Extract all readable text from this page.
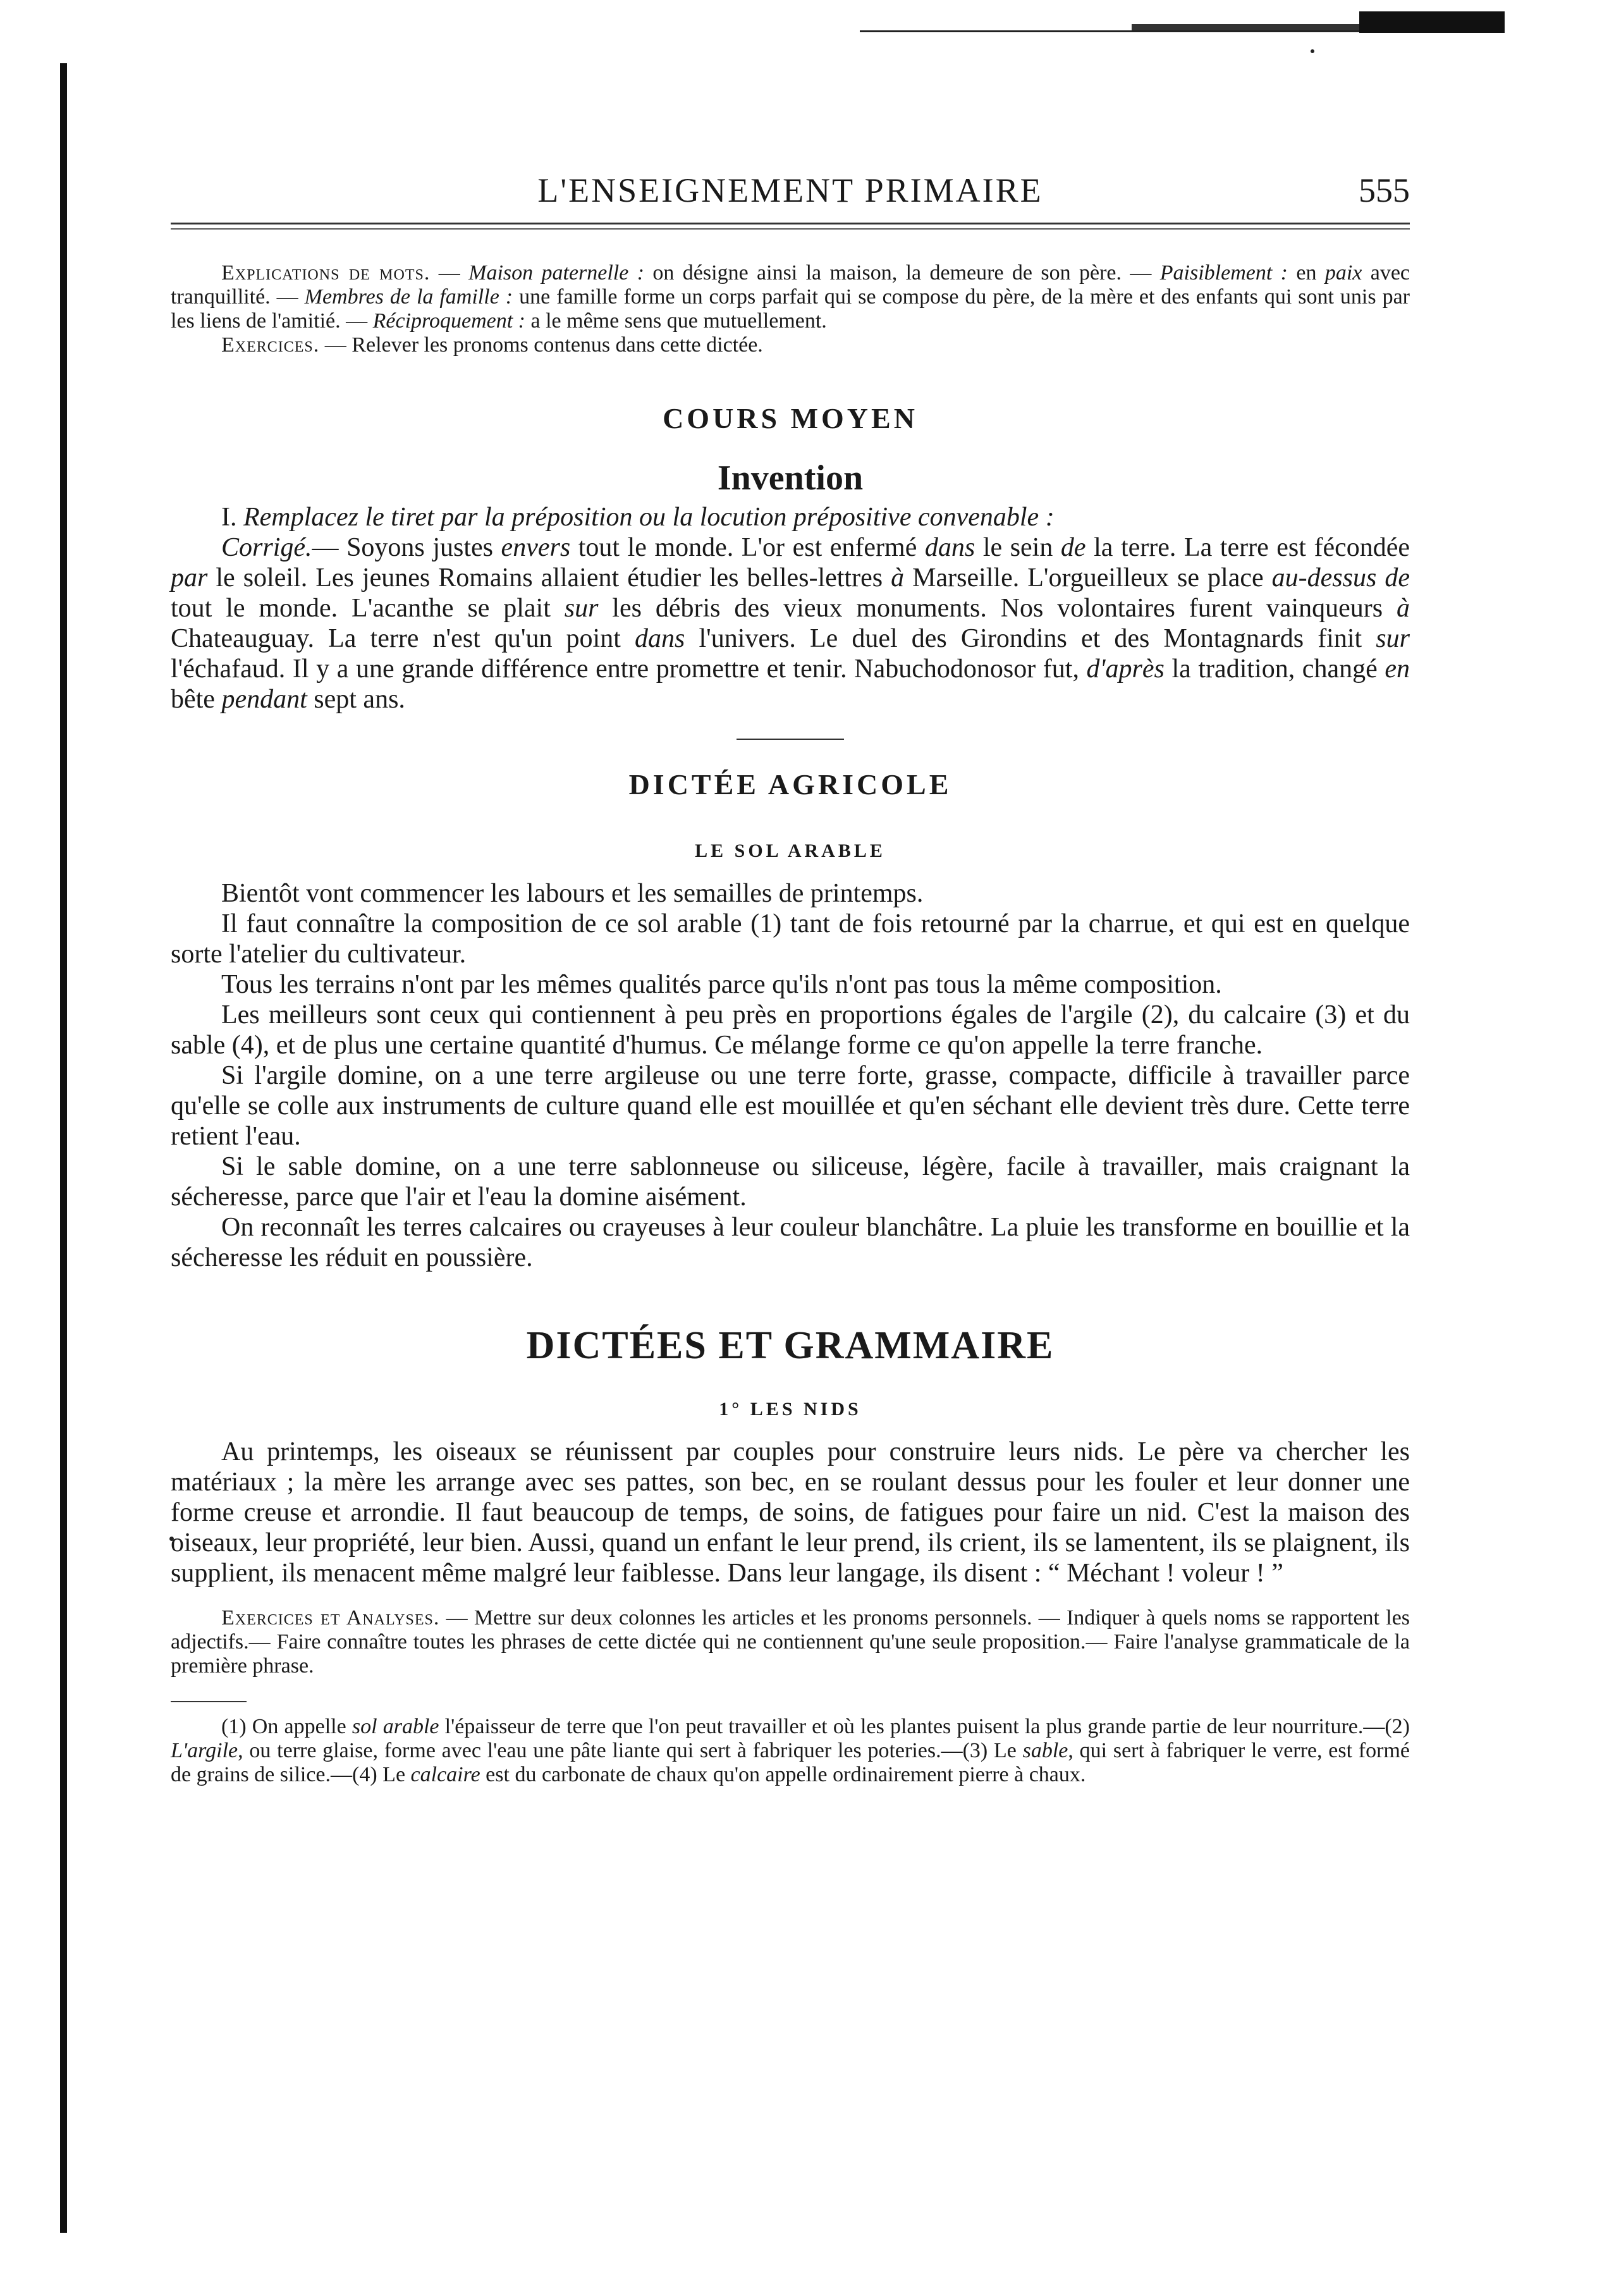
L'ENSEIGNEMENT PRIMAIRE	555

Explications de mots. — Maison paternelle : on désigne ainsi la maison, la demeure de son père. — Paisiblement : en paix avec tranquillité. — Membres de la famille : une famille forme un corps parfait qui se compose du père, de la mère et des enfants qui sont unis par les liens de l'amitié. — Réciproquement : a le même sens que mutuellement.

Exercices. — Relever les pronoms contenus dans cette dictée.

COURS MOYEN
Invention

I. Remplacez le tiret par la préposition ou la locution prépositive convenable :

Corrigé.— Soyons justes envers tout le monde. L'or est enfermé dans le sein de la terre. La terre est fécondée par le soleil. Les jeunes Romains allaient étudier les belles-lettres à Marseille. L'orgueilleux se place au-dessus de tout le monde. L'acanthe se plait sur les débris des vieux monuments. Nos volontaires furent vainqueurs à Chateauguay. La terre n'est qu'un point dans l'univers. Le duel des Girondins et des Montagnards finit sur l'échafaud. Il y a une grande différence entre promettre et tenir. Nabuchodonosor fut, d'après la tradition, changé en bête pendant sept ans.

DICTÉE AGRICOLE
LE SOL ARABLE

Bientôt vont commencer les labours et les semailles de printemps.

Il faut connaître la composition de ce sol arable (1) tant de fois retourné par la charrue, et qui est en quelque sorte l'atelier du cultivateur.

Tous les terrains n'ont par les mêmes qualités parce qu'ils n'ont pas tous la même composition.

Les meilleurs sont ceux qui contiennent à peu près en proportions égales de l'argile (2), du calcaire (3) et du sable (4), et de plus une certaine quantité d'humus. Ce mélange forme ce qu'on appelle la terre franche.

Si l'argile domine, on a une terre argileuse ou une terre forte, grasse, compacte, difficile à travailler parce qu'elle se colle aux instruments de culture quand elle est mouillée et qu'en séchant elle devient très dure. Cette terre retient l'eau.

Si le sable domine, on a une terre sablonneuse ou siliceuse, légère, facile à travailler, mais craignant la sécheresse, parce que l'air et l'eau la domine aisément.

On reconnaît les terres calcaires ou crayeuses à leur couleur blanchâtre. La pluie les transforme en bouillie et la sécheresse les réduit en poussière.

DICTÉES ET GRAMMAIRE
1° LES NIDS

Au printemps, les oiseaux se réunissent par couples pour construire leurs nids. Le père va chercher les matériaux ; la mère les arrange avec ses pattes, son bec, en se roulant dessus pour les fouler et leur donner une forme creuse et arrondie. Il faut beaucoup de temps, de soins, de fatigues pour faire un nid. C'est la maison des oiseaux, leur propriété, leur bien. Aussi, quand un enfant le leur prend, ils crient, ils se lamentent, ils se plaignent, ils supplient, ils menacent même malgré leur faiblesse. Dans leur langage, ils disent : “ Méchant ! voleur ! ”

Exercices et Analyses. — Mettre sur deux colonnes les articles et les pronoms personnels. — Indiquer à quels noms se rapportent les adjectifs.— Faire connaître toutes les phrases de cette dictée qui ne contiennent qu'une seule proposition.— Faire l'analyse grammaticale de la première phrase.

(1) On appelle sol arable l'épaisseur de terre que l'on peut travailler et où les plantes puisent la plus grande partie de leur nourriture.—(2) L'argile, ou terre glaise, forme avec l'eau une pâte liante qui sert à fabriquer les poteries.—(3) Le sable, qui sert à fabriquer le verre, est formé de grains de silice.—(4) Le calcaire est du carbonate de chaux qu'on appelle ordinairement pierre à chaux.
